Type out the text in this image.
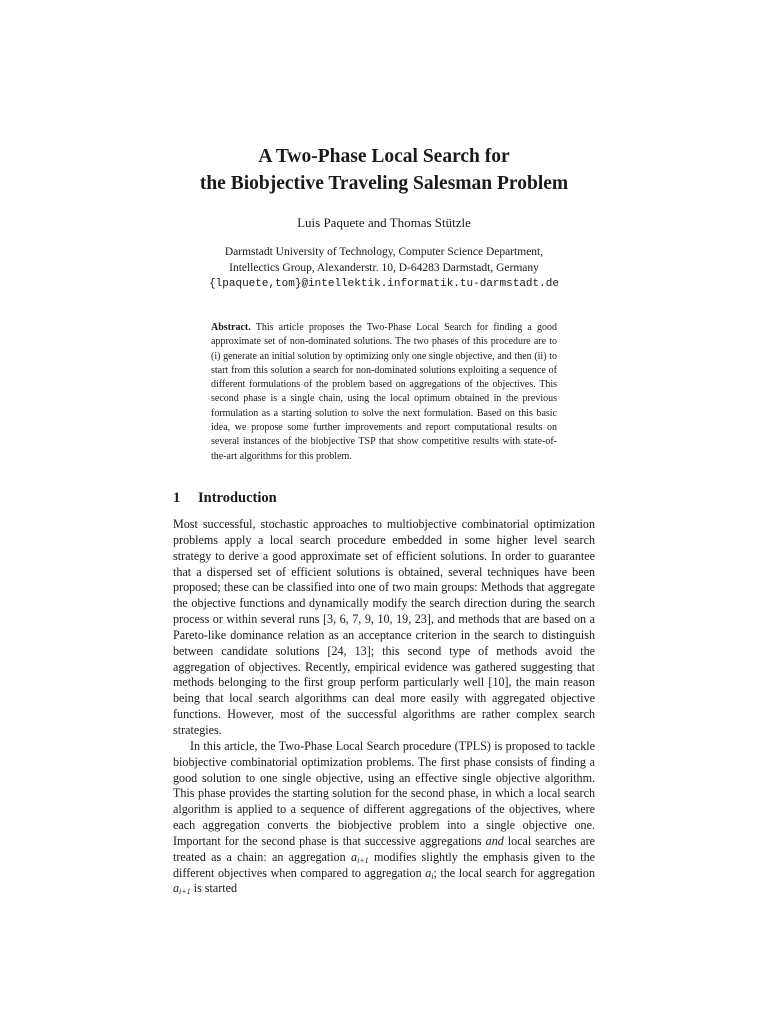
A Two-Phase Local Search for
the Biobjective Traveling Salesman Problem
Luis Paquete and Thomas Stützle
Darmstadt University of Technology, Computer Science Department,
Intellectics Group, Alexanderstr. 10, D-64283 Darmstadt, Germany
{lpaquete,tom}@intellektik.informatik.tu-darmstadt.de
Abstract. This article proposes the Two-Phase Local Search for finding a good approximate set of non-dominated solutions. The two phases of this procedure are to (i) generate an initial solution by optimizing only one single objective, and then (ii) to start from this solution a search for non-dominated solutions exploiting a sequence of different formulations of the problem based on aggregations of the objectives. This second phase is a single chain, using the local optimum obtained in the previous formulation as a starting solution to solve the next formulation. Based on this basic idea, we propose some further improvements and report computational results on several instances of the biobjective TSP that show competitive results with state-of-the-art algorithms for this problem.
1 Introduction

Most successful, stochastic approaches to multiobjective combinatorial optimization problems apply a local search procedure embedded in some higher level search strategy to derive a good approximate set of efficient solutions. In order to guarantee that a dispersed set of efficient solutions is obtained, several techniques have been proposed; these can be classified into one of two main groups: Methods that aggregate the objective functions and dynamically modify the search direction during the search process or within several runs [3, 6, 7, 9, 10, 19, 23], and methods that are based on a Pareto-like dominance relation as an acceptance criterion in the search to distinguish between candidate solutions [24, 13]; this second type of methods avoid the aggregation of objectives. Recently, empirical evidence was gathered suggesting that methods belonging to the first group perform particularly well [10], the main reason being that local search algorithms can deal more easily with aggregated objective functions. However, most of the successful algorithms are rather complex search strategies.

In this article, the Two-Phase Local Search procedure (TPLS) is proposed to tackle biobjective combinatorial optimization problems. The first phase consists of finding a good solution to one single objective, using an effective single objective algorithm. This phase provides the starting solution for the second phase, in which a local search algorithm is applied to a sequence of different aggregations of the objectives, where each aggregation converts the biobjective problem into a single objective one. Important for the second phase is that successive aggregations and local searches are treated as a chain: an aggregation $a_{i+1}$ modifies slightly the emphasis given to the different objectives when compared to aggregation $a_i$; the local search for aggregation $a_{i+1}$ is started
